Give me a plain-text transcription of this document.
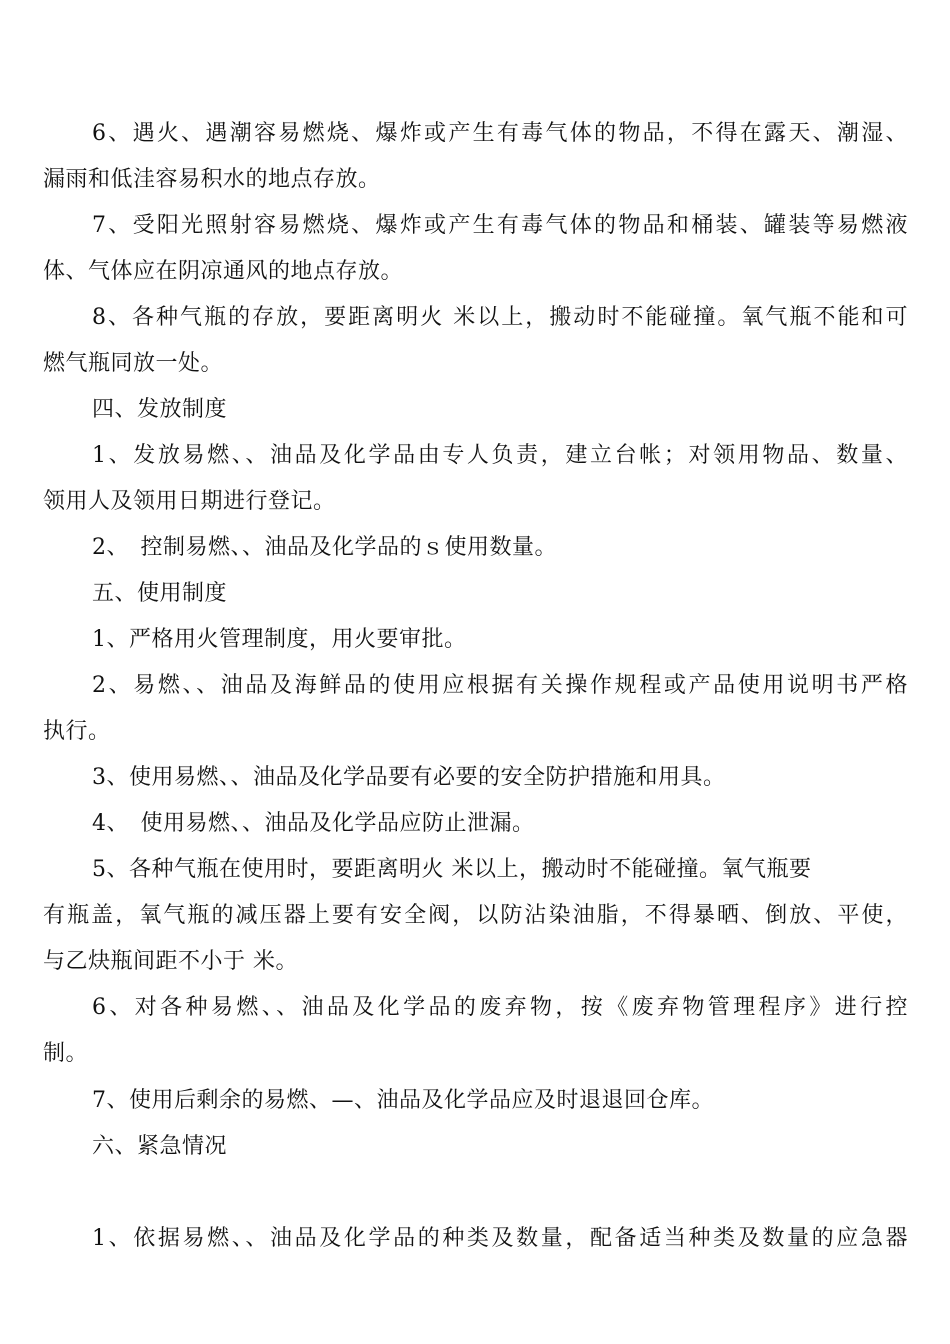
6、遇火、遇潮容易燃烧、爆炸或产生有毒气体的物品，不得在露天、潮湿、
漏雨和低洼容易积水的地点存放。
7、受阳光照射容易燃烧、爆炸或产生有毒气体的物品和桶装、罐装等易燃液
体、气体应在阴凉通风的地点存放。
8、各种气瓶的存放，要距离明火 米以上，搬动时不能碰撞。氧气瓶不能和可
燃气瓶同放一处。
四、发放制度
1、发放易燃、、油品及化学品由专人负责，建立台帐；对领用物品、数量、
领用人及领用日期进行登记。
2、　控制易燃、、油品及化学品的ｓ使用数量。
五、使用制度
1、严格用火管理制度，用火要审批。
2、易燃、、油品及海鲜品的使用应根据有关操作规程或产品使用说明书严格
执行。
3、使用易燃、、油品及化学品要有必要的安全防护措施和用具。
4、　使用易燃、、油品及化学品应防止泄漏。
5、各种气瓶在使用时，要距离明火 米以上，搬动时不能碰撞。氧气瓶要
有瓶盖，氧气瓶的减压器上要有安全阀，以防沾染油脂，不得暴晒、倒放、平使，
与乙炔瓶间距不小于 米。
6、对各种易燃、、油品及化学品的废弃物，按《废弃物管理程序》进行控
制。
7、使用后剩余的易燃、—、油品及化学品应及时退退回仓库。
六、紧急情况
1、依据易燃、、油品及化学品的种类及数量，配备适当种类及数量的应急器
